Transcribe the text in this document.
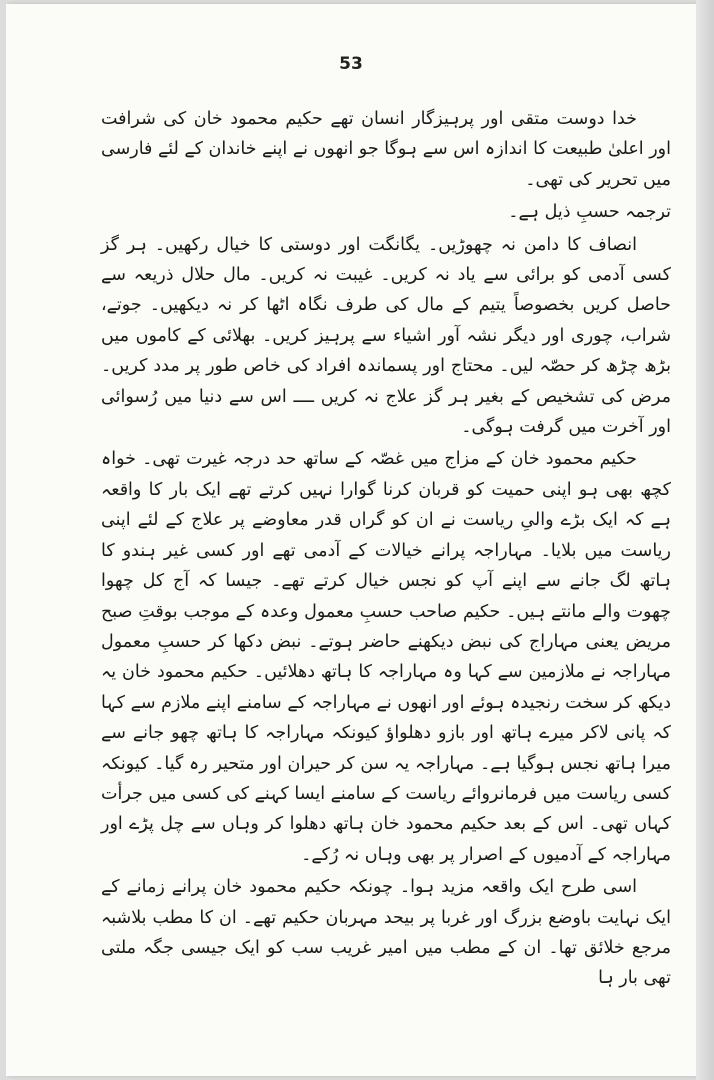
53

خدا دوست متقی اور پرہیزگار انسان تھے حکیم محمود خان کی شرافت اور اعلیٰ طبیعت کا اندازہ اس سے ہوگا جو انھوں نے اپنے خاندان کے لئے فارسی میں تحریر کی تھی۔

ترجمہ حسبِ ذیل ہے۔

انصاف کا دامن نہ چھوڑیں۔ یگانگت اور دوستی کا خیال رکھیں۔ ہر گز کسی آدمی کو برائی سے یاد نہ کریں۔ غیبت نہ کریں۔ مال حلال ذریعہ سے حاصل کریں بخصوصاً یتیم کے مال کی طرف نگاہ اٹھا کر نہ دیکھیں۔ جوتے، شراب، چوری اور دیگر نشہ آور اشیاء سے پرہیز کریں۔ بھلائی کے کاموں میں بڑھ چڑھ کر حصّہ لیں۔ محتاج اور پسماندہ افراد کی خاص طور پر مدد کریں۔ مرض کی تشخیص کے بغیر ہر گز علاج نہ کریں ــــ اس سے دنیا میں رُسوائی اور آخرت میں گرفت ہوگی۔

حکیم محمود خان کے مزاج میں غصّہ کے ساتھ حد درجہ غیرت تھی۔ خواہ کچھ بھی ہو اپنی حمیت کو قربان کرنا گوارا نہیں کرتے تھے ایک بار کا واقعہ ہے کہ ایک بڑے والیِ ریاست نے ان کو گراں قدر معاوضے پر علاج کے لئے اپنی ریاست میں بلایا۔ مہاراجہ پرانے خیالات کے آدمی تھے اور کسی غیر ہندو کا ہاتھ لگ جانے سے اپنے آپ کو نجس خیال کرتے تھے۔ جیسا کہ آج کل چھوا چھوت والے مانتے ہیں۔ حکیم صاحب حسبِ معمول وعدہ کے موجب بوقتِ صبح مریض یعنی مہاراج کی نبض دیکھنے حاضر ہوتے۔ نبض دکھا کر حسبِ معمول مہاراجہ نے ملازمین سے کہا وہ مہاراجہ کا ہاتھ دھلائیں۔ حکیم محمود خان یہ دیکھ کر سخت رنجیدہ ہوئے اور انھوں نے مہاراجہ کے سامنے اپنے ملازم سے کہا کہ پانی لاکر میرے ہاتھ اور بازو دھلواؤ کیونکہ مہاراجہ کا ہاتھ چھو جانے سے میرا ہاتھ نجس ہوگیا ہے۔ مہاراجہ یہ سن کر حیران اور متحیر رہ گیا۔ کیونکہ کسی ریاست میں فرمانروائے ریاست کے سامنے ایسا کہنے کی کسی میں جرأت کہاں تھی۔ اس کے بعد حکیم محمود خان ہاتھ دھلوا کر وہاں سے چل پڑے اور مہاراجہ کے آدمیوں کے اصرار پر بھی وہاں نہ رُکے۔

اسی طرح ایک واقعہ مزید ہوا۔ چونکہ حکیم محمود خان پرانے زمانے کے ایک نہایت باوضع بزرگ اور غربا پر بیحد مہربان حکیم تھے۔ ان کا مطب بلاشبہ مرجع خلائق تھا۔ ان کے مطب میں امیر غریب سب کو ایک جیسی جگہ ملتی تھی بار ہا
